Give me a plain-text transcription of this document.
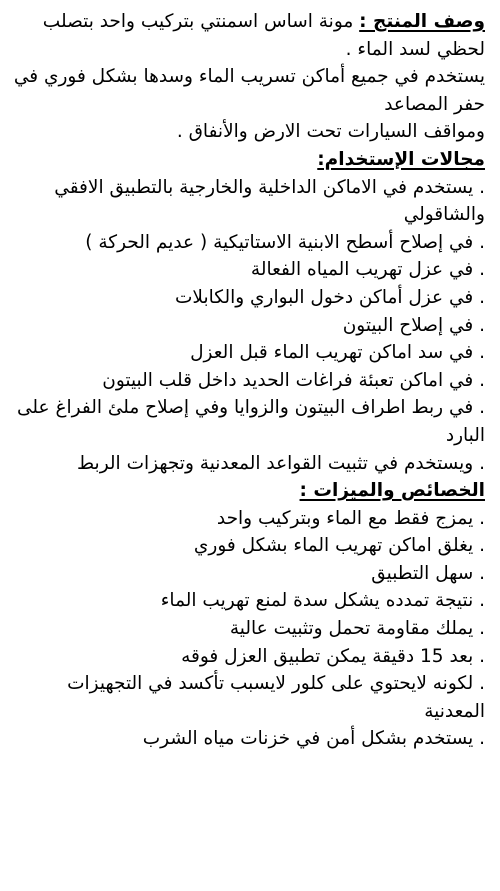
وصف المنتج : مونة اساس اسمنتي بتركيب واحد بتصلب لحظي لسد الماء .

يستخدم في جميع أماكن تسريب الماء وسدها بشكل فوري في حفر المصاعد

ومواقف السيارات تحت الارض والأنفاق .

مجالات الإستخدام:

. يستخدم في الاماكن الداخلية والخارجية بالتطبيق الافقي والشاقولي
. في إصلاح أسطح الابنية الاستاتيكية ( عديم الحركة )
. في عزل تهريب المياه الفعالة
. في عزل أماكن دخول البواري والكابلات
. في إصلاح البيتون
. في سد اماكن تهريب الماء قبل العزل
. في اماكن تعبئة فراغات الحديد داخل قلب البيتون
. في ربط اطراف البيتون والزوايا وفي إصلاح ملئ الفراغ على البارد
. ويستخدم في تثبيت القواعد المعدنية وتجهزات الربط

الخصائص والميزات :

. يمزج فقط مع الماء وبتركيب واحد
. يغلق اماكن تهريب الماء بشكل فوري
. سهل التطبيق
. نتيجة تمدده يشكل سدة لمنع تهريب الماء
. يملك مقاومة تحمل وتثبيت عالية
. بعد 15 دقيقة يمكن تطبيق العزل فوقه
. لكونه لايحتوي على كلور لايسبب تأكسد في التجهيزات المعدنية
. يستخدم بشكل أمن في خزنات مياه الشرب
